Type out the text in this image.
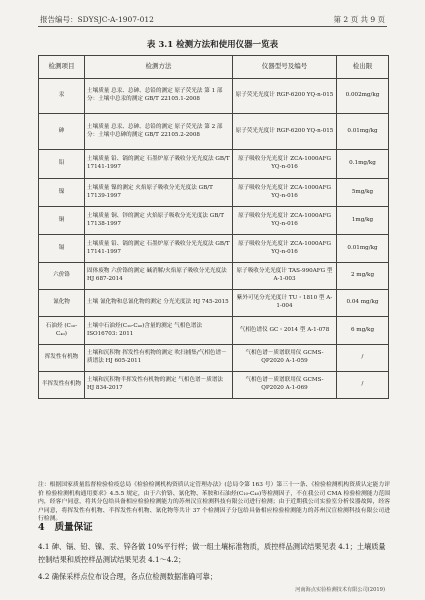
报告编号：SDYSJC-A-1907-012	第 2 页 共 9 页
表 3.1 检测方法和使用仪器一览表
检测项目	检测方法	仪器型号及编号	检出限
汞	土壤质量 总汞、总砷、总铅的测定 原子荧光法 第 1 部分：土壤中总汞的测定 GB/T 22105.1-2008	原子荧光光度计 RGF-6200 YQ-n-015	0.002mg/kg
砷	土壤质量 总汞、总砷、总铅的测定 原子荧光法 第 2 部分：土壤中总砷的测定 GB/T 22105.2-2008	原子荧光光度计 RGF-6200 YQ-n-015	0.01mg/kg
铅	土壤质量 铅、镉的测定 石墨炉原子吸收分光光度法 GB/T 17141-1997	原子吸收分光光度计 ZCA-1000AFG YQ-n-016	0.1mg/kg
镍	土壤质量 镍的测定 火焰原子吸收分光光度法 GB/T 17139-1997	原子吸收分光光度计 ZCA-1000AFG YQ-n-016	5mg/kg
铜	土壤质量 铜、锌的测定 火焰原子吸收分光光度法 GB/T 17138-1997	原子吸收分光光度计 ZCA-1000AFG YQ-n-016	1mg/kg
镉	土壤质量 铅、镉的测定 石墨炉原子吸收分光光度法 GB/T 17141-1997	原子吸收分光光度计 ZCA-1000AFG YQ-n-016	0.01mg/kg
六价铬	固体废物 六价铬的测定 碱消解/火焰原子吸收分光光度法 HJ 687-2014	原子吸收分光光度计 TAS-990AFG 型 A-1-003	2 mg/kg
氰化物	土壤 氰化物和总氰化物的测定 分光光度法 HJ 745-2015	紫外可见分光光度计 TU・1810 型 A-1-004	0.04 mg/kg
石油烃 (C₁₀-C₄₀)	土壤中石油烃(C₁₀-C₄₀)含量的测定 气相色谱法 ISO16703: 2011	气相色谱仪 GC・2014 型 A-1-078	6 mg/kg
挥发性有机物	土壤和沉积物 挥发性有机物的测定 吹扫捕集/气相色谱－质谱法 HJ 605-2011	气相色谱－质谱联用仪 GCMS-QP2020 A-1-059	/
半挥发性有机物	土壤和沉积物半挥发性有机物的测定 气相色谱－质谱法 HJ 834-2017	气相色谱－质谱联用仪 GCMS-QP2020 A-1-069	/
注：根据国家质量监督检验检疫总局《检验检测机构资质认定管理办法》(总局令第 163 号）第三十一条、《检验检测机构资质认定能力评价 检验检测机构通用要求》4.5.5 规定，由于六价铬、氰化物、苯胺和石油烃(C₁₀-C₄₀)等检测因子，不在我公司 CMA 检验检测能力范围内，经客户同意，将其分包给具备相应检验检测能力的苏州汉宣检测科技有限公司进行检测；由于近期我公司实验室分析仪器故障，经客户同意，将挥发性有机物、半挥发性有机物、氰化物等共计 37 个检测因子分包给具备相应检验检测能力的苏州汉宣检测科技有限公司进行检测。
4 质量保证
4.1 砷、镉、铅、镍、汞、锌各做 10%平行样；做一组土壤标准物质，质控样品测试结果见表 4.1；土壤质量控制结果和质控样品测试结果见表 4.1～4.2；
4.2 确保采样点位布设合理，各点位检测数据准确可靠；
河南海点实验检测技术有限公司(2019)
